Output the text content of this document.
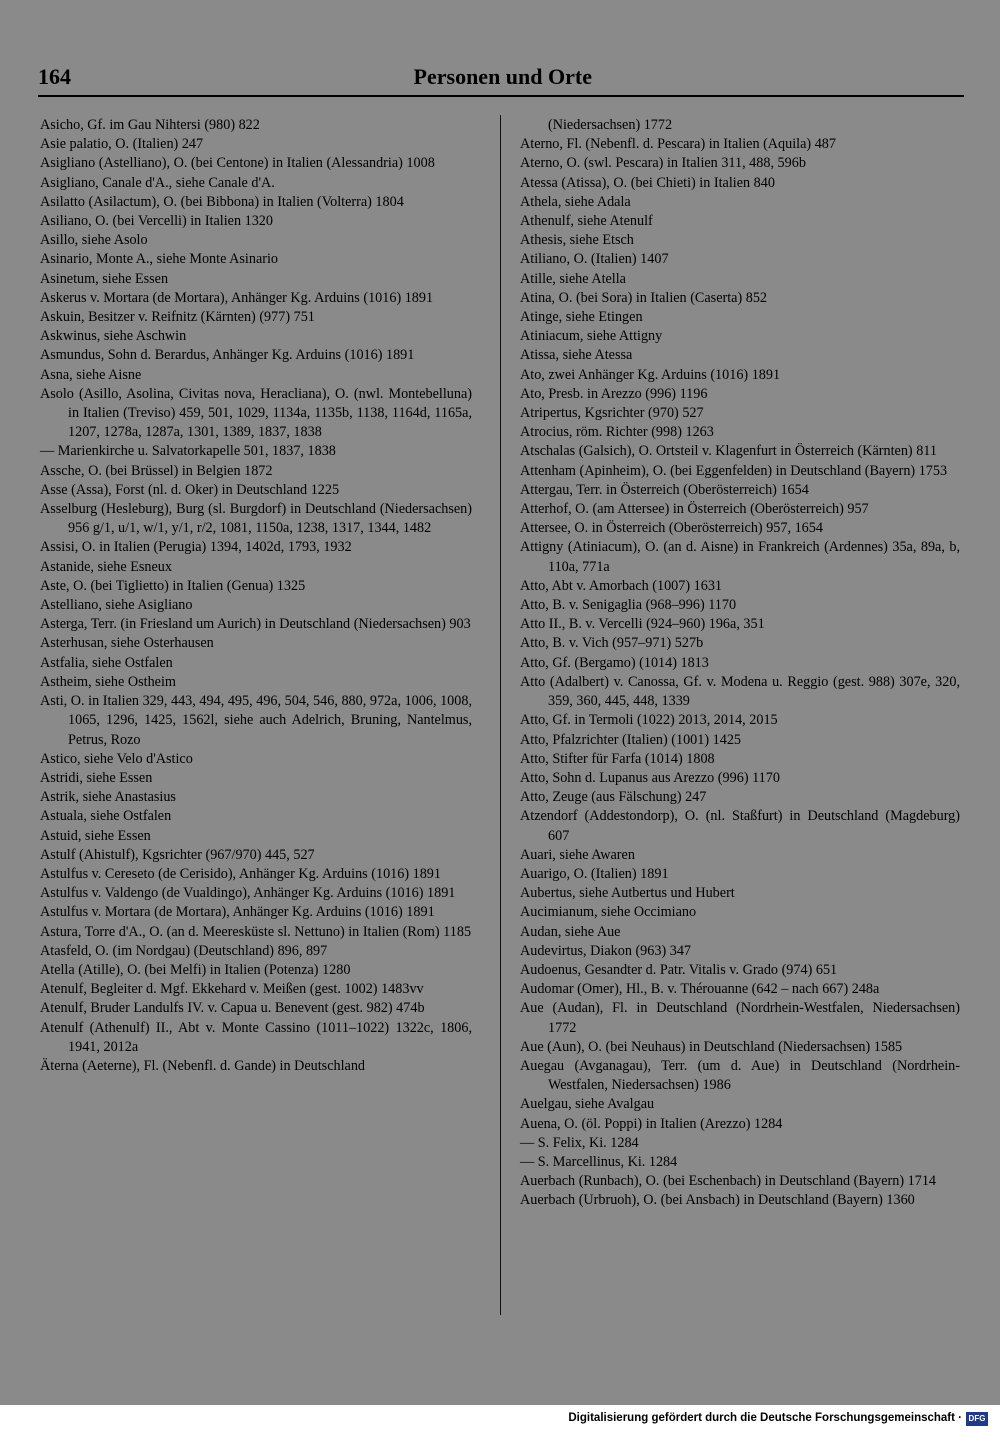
164	Personen und Orte

Asicho, Gf. im Gau Nihtersi (980) 822

Asie palatio, O. (Italien) 247

Asigliano (Astelliano), O. (bei Centone) in Italien (Alessandria) 1008

Asigliano, Canale d'A., siehe Canale d'A.

Asilatto (Asilactum), O. (bei Bibbona) in Italien (Volterra) 1804

Asiliano, O. (bei Vercelli) in Italien 1320

Asillo, siehe Asolo

Asinario, Monte A., siehe Monte Asinario

Asinetum, siehe Essen

Askerus v. Mortara (de Mortara), Anhänger Kg. Arduins (1016) 1891

Askuin, Besitzer v. Reifnitz (Kärnten) (977) 751

Askwinus, siehe Aschwin

Asmundus, Sohn d. Berardus, Anhänger Kg. Arduins (1016) 1891

Asna, siehe Aisne

Asolo (Asillo, Asolina, Civitas nova, Heracliana), O. (nwl. Montebelluna) in Italien (Treviso) 459, 501, 1029, 1134a, 1135b, 1138, 1164d, 1165a, 1207, 1278a, 1287a, 1301, 1389, 1837, 1838

— Marienkirche u. Salvatorkapelle 501, 1837, 1838

Assche, O. (bei Brüssel) in Belgien 1872

Asse (Assa), Forst (nl. d. Oker) in Deutschland 1225

Asselburg (Hesleburg), Burg (sl. Burgdorf) in Deutschland (Niedersachsen) 956 g/1, u/1, w/1, y/1, r/2, 1081, 1150a, 1238, 1317, 1344, 1482

Assisi, O. in Italien (Perugia) 1394, 1402d, 1793, 1932

Astanide, siehe Esneux

Aste, O. (bei Tiglietto) in Italien (Genua) 1325

Astelliano, siehe Asigliano

Asterga, Terr. (in Friesland um Aurich) in Deutschland (Niedersachsen) 903

Asterhusan, siehe Osterhausen

Astfalia, siehe Ostfalen

Astheim, siehe Ostheim

Asti, O. in Italien 329, 443, 494, 495, 496, 504, 546, 880, 972a, 1006, 1008, 1065, 1296, 1425, 1562l, siehe auch Adelrich, Bruning, Nantelmus, Petrus, Rozo

Astico, siehe Velo d'Astico

Astridi, siehe Essen

Astrik, siehe Anastasius

Astuala, siehe Ostfalen

Astuid, siehe Essen

Astulf (Ahistulf), Kgsrichter (967/970) 445, 527

Astulfus v. Cereseto (de Cerisido), Anhänger Kg. Arduins (1016) 1891

Astulfus v. Valdengo (de Vualdingo), Anhänger Kg. Arduins (1016) 1891

Astulfus v. Mortara (de Mortara), Anhänger Kg. Arduins (1016) 1891

Astura, Torre d'A., O. (an d. Meeresküste sl. Nettuno) in Italien (Rom) 1185

Atasfeld, O. (im Nordgau) (Deutschland) 896, 897

Atella (Atille), O. (bei Melfi) in Italien (Potenza) 1280

Atenulf, Begleiter d. Mgf. Ekkehard v. Meißen (gest. 1002) 1483vv

Atenulf, Bruder Landulfs IV. v. Capua u. Benevent (gest. 982) 474b

Atenulf (Athenulf) II., Abt v. Monte Cassino (1011–1022) 1322c, 1806, 1941, 2012a

Äterna (Aeterne), Fl. (Nebenfl. d. Gande) in Deutschland

(Niedersachsen) 1772

Aterno, Fl. (Nebenfl. d. Pescara) in Italien (Aquila) 487

Aterno, O. (swl. Pescara) in Italien 311, 488, 596b

Atessa (Atissa), O. (bei Chieti) in Italien 840

Athela, siehe Adala

Athenulf, siehe Atenulf

Athesis, siehe Etsch

Atiliano, O. (Italien) 1407

Atille, siehe Atella

Atina, O. (bei Sora) in Italien (Caserta) 852

Atinge, siehe Etingen

Atiniacum, siehe Attigny

Atissa, siehe Atessa

Ato, zwei Anhänger Kg. Arduins (1016) 1891

Ato, Presb. in Arezzo (996) 1196

Atripertus, Kgsrichter (970) 527

Atrocius, röm. Richter (998) 1263

Atschalas (Galsich), O. Ortsteil v. Klagenfurt in Österreich (Kärnten) 811

Attenham (Apinheim), O. (bei Eggenfelden) in Deutschland (Bayern) 1753

Attergau, Terr. in Österreich (Oberösterreich) 1654

Atterhof, O. (am Attersee) in Österreich (Oberösterreich) 957

Attersee, O. in Österreich (Oberösterreich) 957, 1654

Attigny (Atiniacum), O. (an d. Aisne) in Frankreich (Ardennes) 35a, 89a, b, 110a, 771a

Atto, Abt v. Amorbach (1007) 1631

Atto, B. v. Senigaglia (968–996) 1170

Atto II., B. v. Vercelli (924–960) 196a, 351

Atto, B. v. Vich (957–971) 527b

Atto, Gf. (Bergamo) (1014) 1813

Atto (Adalbert) v. Canossa, Gf. v. Modena u. Reggio (gest. 988) 307e, 320, 359, 360, 445, 448, 1339

Atto, Gf. in Termoli (1022) 2013, 2014, 2015

Atto, Pfalzrichter (Italien) (1001) 1425

Atto, Stifter für Farfa (1014) 1808

Atto, Sohn d. Lupanus aus Arezzo (996) 1170

Atto, Zeuge (aus Fälschung) 247

Atzendorf (Addestondorp), O. (nl. Staßfurt) in Deutschland (Magdeburg) 607

Auari, siehe Awaren

Auarigo, O. (Italien) 1891

Aubertus, siehe Autbertus und Hubert

Aucimianum, siehe Occimiano

Audan, siehe Aue

Audevirtus, Diakon (963) 347

Audoenus, Gesandter d. Patr. Vitalis v. Grado (974) 651

Audomar (Omer), Hl., B. v. Thérouanne (642 – nach 667) 248a

Aue (Audan), Fl. in Deutschland (Nordrhein-Westfalen, Niedersachsen) 1772

Aue (Aun), O. (bei Neuhaus) in Deutschland (Niedersachsen) 1585

Auegau (Avganagau), Terr. (um d. Aue) in Deutschland (Nordrhein-Westfalen, Niedersachsen) 1986

Auelgau, siehe Avalgau

Auena, O. (öl. Poppi) in Italien (Arezzo) 1284

— S. Felix, Ki. 1284

— S. Marcellinus, Ki. 1284

Auerbach (Runbach), O. (bei Eschenbach) in Deutschland (Bayern) 1714

Auerbach (Urbruoh), O. (bei Ansbach) in Deutschland (Bayern) 1360

Digitalisierung gefördert durch die Deutsche Forschungsgemeinschaft · DFG
